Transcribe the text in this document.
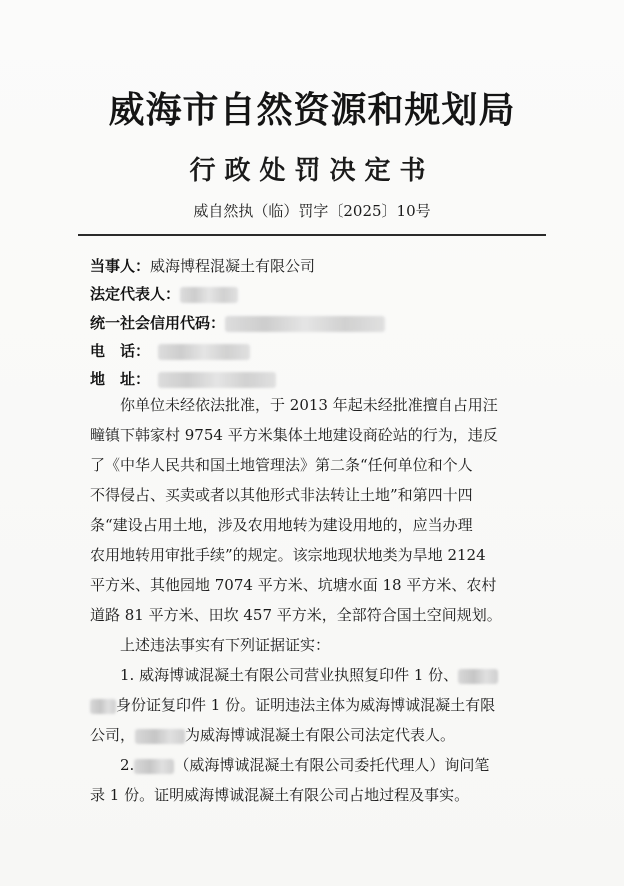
威海市自然资源和规划局
行政处罚决定书
威自然执（临）罚字〔2025〕10号
当事人：威海博程混凝土有限公司
法定代表人：
统一社会信用代码：
电　话：
地　址：

你单位未经依法批准，于 2013 年起未经批准擅自占用汪

疃镇下韩家村 9754 平方米集体土地建设商砼站的行为，违反

了《中华人民共和国土地管理法》第二条“任何单位和个人

不得侵占、买卖或者以其他形式非法转让土地”和第四十四

条“建设占用土地，涉及农用地转为建设用地的，应当办理

农用地转用审批手续”的规定。该宗地现状地类为旱地 2124

平方米、其他园地 7074 平方米、坑塘水面 18 平方米、农村

道路 81 平方米、田坎 457 平方米，全部符合国土空间规划。

上述违法事实有下列证据证实：

1. 威海博诚混凝土有限公司营业执照复印件 1 份、

身份证复印件 1 份。证明违法主体为威海博诚混凝土有限

公司，	为威海博诚混凝土有限公司法定代表人。

2.	（威海博诚混凝土有限公司委托代理人）询问笔

录 1 份。证明威海博诚混凝土有限公司占地过程及事实。
